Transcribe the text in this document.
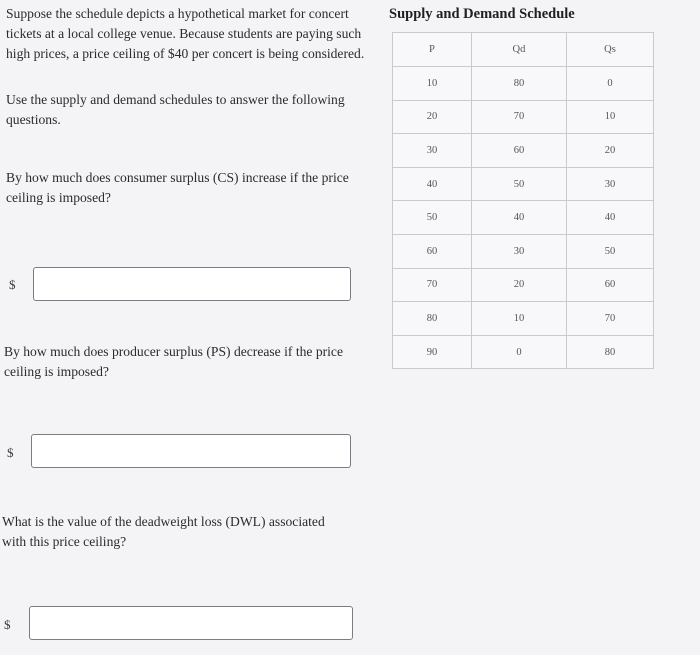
Suppose the schedule depicts a hypothetical market for concert tickets at a local college venue. Because students are paying such high prices, a price ceiling of $40 per concert is being considered.

Use the supply and demand schedules to answer the following questions.

By how much does consumer surplus (CS) increase if the price ceiling is imposed?

$

By how much does producer surplus (PS) decrease if the price ceiling is imposed?

$

What is the value of the deadweight loss (DWL) associated with this price ceiling?

$

Supply and Demand Schedule

P	Qd	Qs
10	80	0
20	70	10
30	60	20
40	50	30
50	40	40
60	30	50
70	20	60
80	10	70
90	0	80
